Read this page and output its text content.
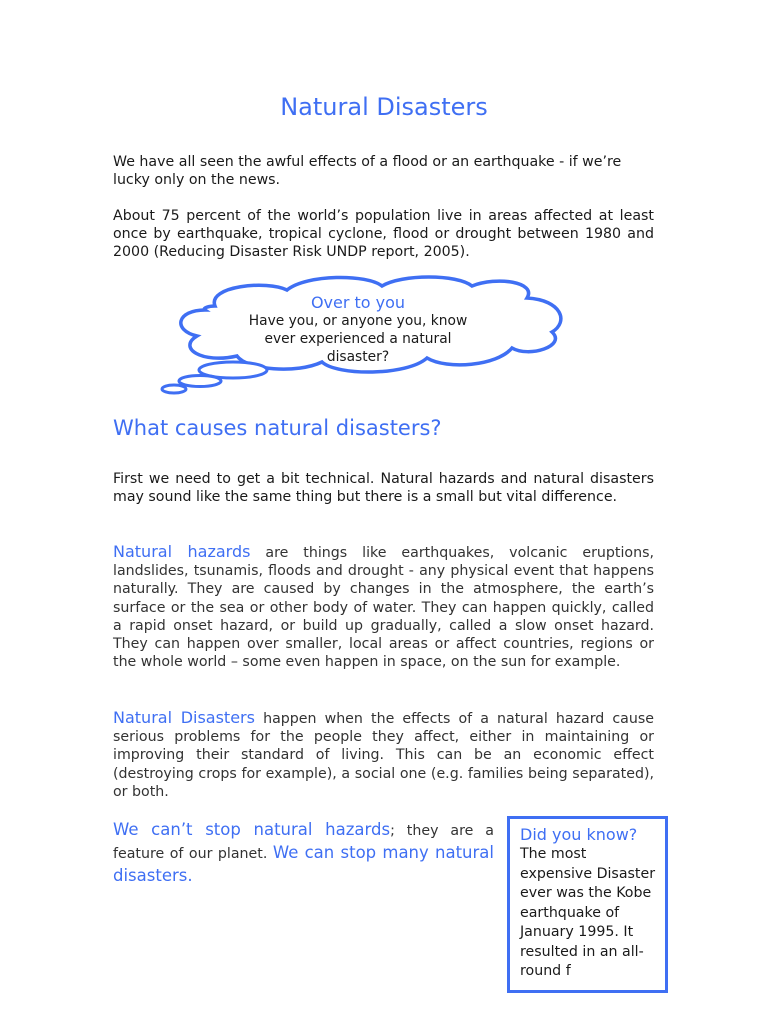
Natural Disasters

We have all seen the awful effects of a flood or an earthquake - if we’re lucky only on the news.

About 75 percent of the world’s population live in areas affected at least once by earthquake, tropical cyclone, flood or drought between 1980 and 2000 (Reducing Disaster Risk UNDP report, 2005).

Over to you

Have you, or anyone you, know ever experienced a natural disaster?

What causes natural disasters?

First we need to get a bit technical. Natural hazards and natural disasters may sound like the same thing but there is a small but vital difference.

Natural hazards are things like earthquakes, volcanic eruptions, landslides, tsunamis, floods and drought - any physical event that happens naturally. They are caused by changes in the atmosphere, the earth’s surface or the sea or other body of water. They can happen quickly, called a rapid onset hazard, or build up gradually, called a slow onset hazard. They can happen over smaller, local areas or affect countries, regions or the whole world – some even happen in space, on the sun for example.

Natural Disasters happen when the effects of a natural hazard cause serious problems for the people they affect, either in maintaining or improving their standard of living. This can be an economic effect (destroying crops for example), a social one (e.g. families being separated), or both.

We can’t stop natural hazards; they are a feature of our planet. We can stop many natural disasters.

Did you know?

The most expensive Disaster ever was the Kobe earthquake of January 1995. It resulted in an all-round f
